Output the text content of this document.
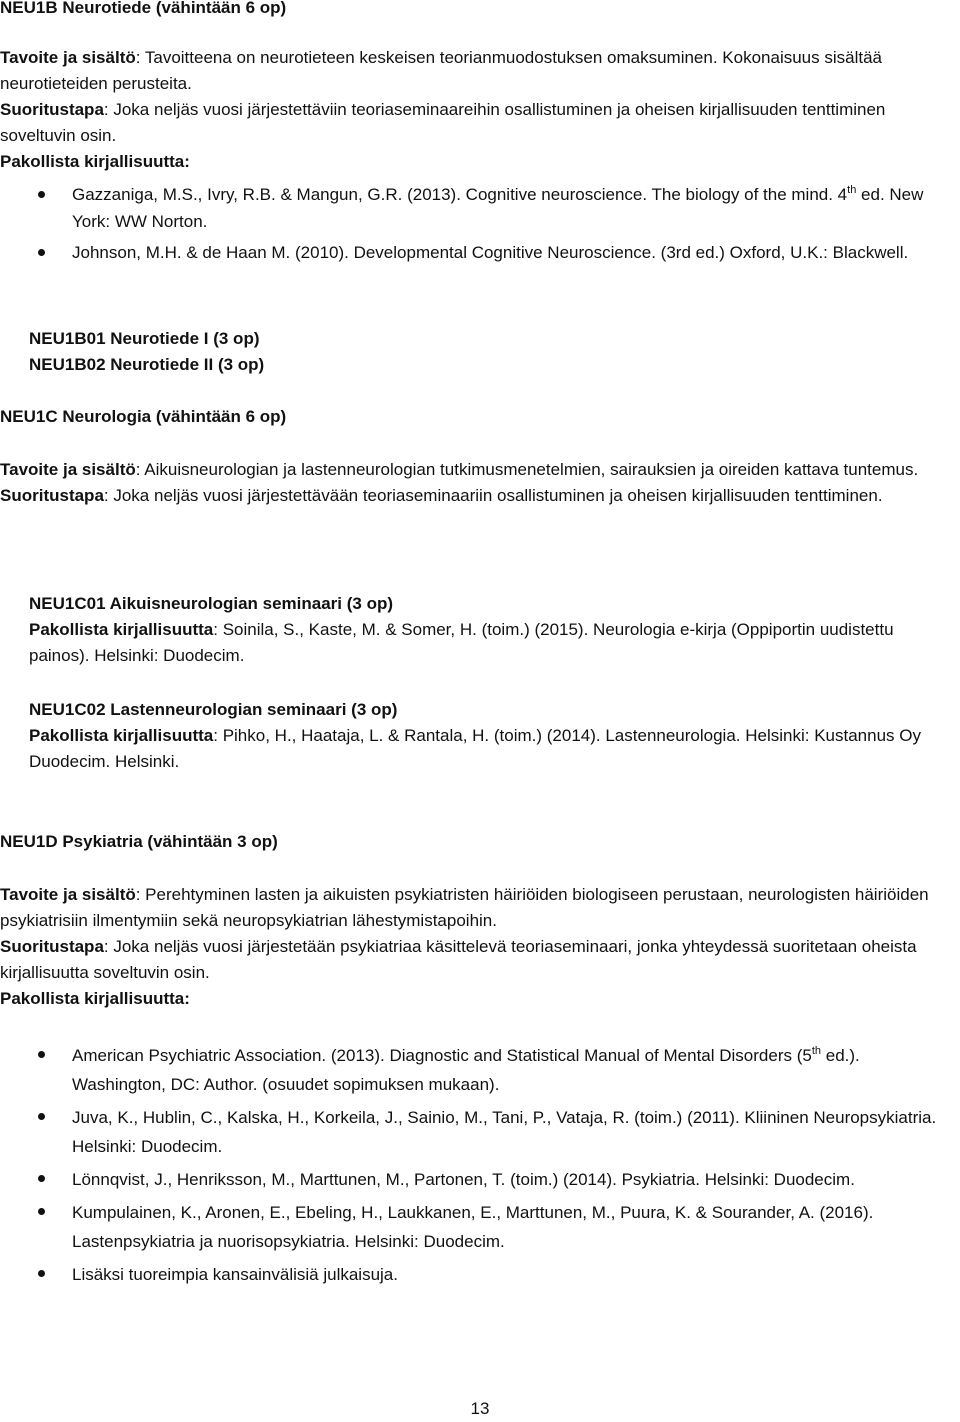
NEU1B Neurotiede (vähintään 6 op)

Tavoite ja sisältö: Tavoitteena on neurotieteen keskeisen teorianmuodostuksen omaksuminen. Kokonaisuus sisältää neurotieteiden perusteita.

Suoritustapa: Joka neljäs vuosi järjestettäviin teoriaseminaareihin osallistuminen ja oheisen kirjallisuuden tenttiminen soveltuvin osin.

Pakollista kirjallisuutta:

Gazzaniga, M.S., Ivry, R.B. & Mangun, G.R. (2013). Cognitive neuroscience. The biology of the mind. 4th ed. New York: WW Norton.
Johnson, M.H. & de Haan M. (2010). Developmental Cognitive Neuroscience. (3rd ed.) Oxford, U.K.: Blackwell.
NEU1B01 Neurotiede I (3 op)
NEU1B02 Neurotiede II (3 op)
NEU1C Neurologia (vähintään 6 op)

Tavoite ja sisältö: Aikuisneurologian ja lastenneurologian tutkimusmenetelmien, sairauksien ja oireiden kattava tuntemus.

Suoritustapa: Joka neljäs vuosi järjestettävään teoriaseminaariin osallistuminen ja oheisen kirjallisuuden tenttiminen.

NEU1C01 Aikuisneurologian seminaari (3 op)
Pakollista kirjallisuutta: Soinila, S., Kaste, M. & Somer, H. (toim.) (2015). Neurologia e-kirja (Oppiportin uudistettu painos). Helsinki: Duodecim.
NEU1C02 Lastenneurologian seminaari (3 op)
Pakollista kirjallisuutta: Pihko, H., Haataja, L. & Rantala, H. (toim.) (2014). Lastenneurologia. Helsinki: Kustannus Oy Duodecim. Helsinki.
NEU1D Psykiatria (vähintään 3 op)

Tavoite ja sisältö: Perehtyminen lasten ja aikuisten psykiatristen häiriöiden biologiseen perustaan, neurologisten häiriöiden psykiatrisiin ilmentymiin sekä neuropsykiatrian lähestymistapoihin.

Suoritustapa: Joka neljäs vuosi järjestetään psykiatriaa käsittelevä teoriaseminaari, jonka yhteydessä suoritetaan oheista kirjallisuutta soveltuvin osin.

Pakollista kirjallisuutta:

American Psychiatric Association. (2013). Diagnostic and Statistical Manual of Mental Disorders (5th ed.). Washington, DC: Author. (osuudet sopimuksen mukaan).
Juva, K., Hublin, C., Kalska, H., Korkeila, J., Sainio, M., Tani, P., Vataja, R. (toim.) (2011). Kliininen Neuropsykiatria. Helsinki: Duodecim.
Lönnqvist, J., Henriksson, M., Marttunen, M., Partonen, T. (toim.) (2014). Psykiatria. Helsinki: Duodecim.
Kumpulainen, K., Aronen, E., Ebeling, H., Laukkanen, E., Marttunen, M., Puura, K. & Sourander, A. (2016). Lastenpsykiatria ja nuorisopsykiatria. Helsinki: Duodecim.
Lisäksi tuoreimpia kansainvälisiä julkaisuja.
13
